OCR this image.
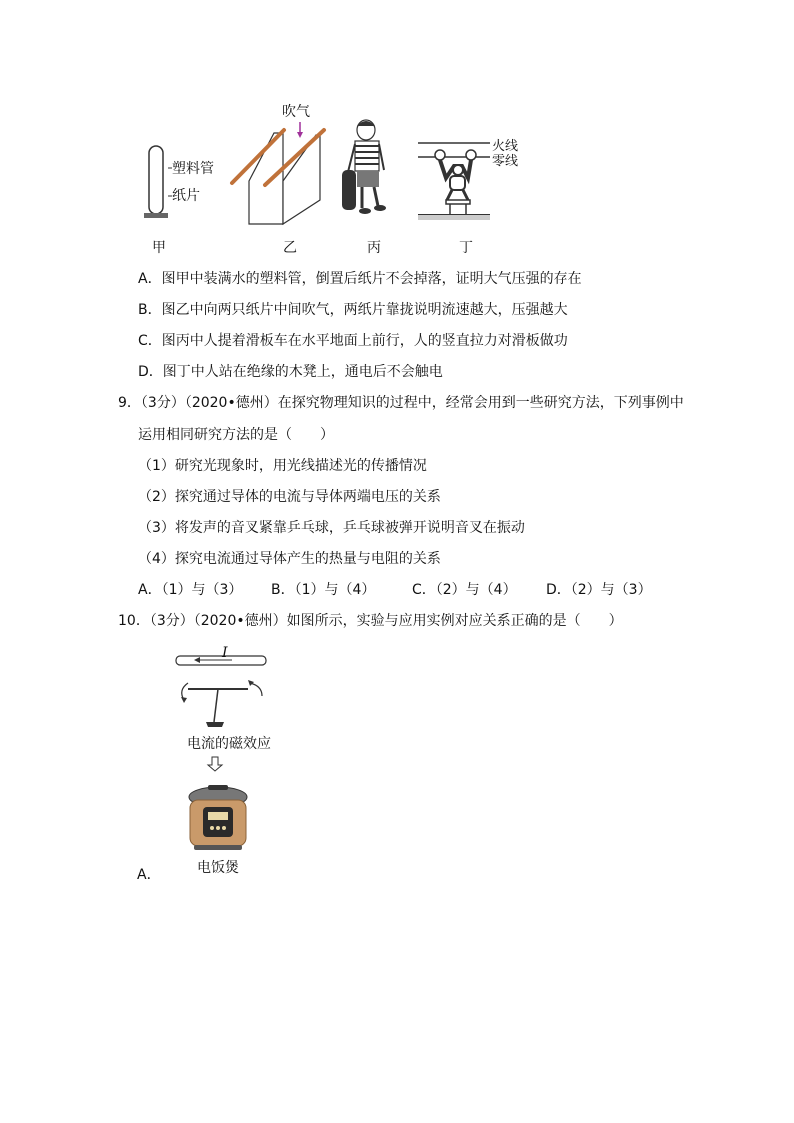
塑料管
纸片
吹气
火线
零线
甲	乙	丙	丁
A．图甲中装满水的塑料管，倒置后纸片不会掉落，证明大气压强的存在
B．图乙中向两只纸片中间吹气，两纸片靠拢说明流速越大，压强越大
C．图丙中人提着滑板车在水平地面上前行，人的竖直拉力对滑板做功
D．图丁中人站在绝缘的木凳上，通电后不会触电
9．（3分）（2020•德州）在探究物理知识的过程中，经常会用到一些研究方法，下列事例中
运用相同研究方法的是（　　）
（1）研究光现象时，用光线描述光的传播情况
（2）探究通过导体的电流与导体两端电压的关系
（3）将发声的音叉紧靠乒乓球，乒乓球被弹开说明音叉在振动
（4）探究电流通过导体产生的热量与电阻的关系
A．（1）与（3） B．（1）与（4）	C．（2）与（4） D．（2）与（3）
10．（3分）（2020•德州）如图所示，实验与应用实例对应关系正确的是（　　）
I
电流的磁效应
电饭煲
A．
